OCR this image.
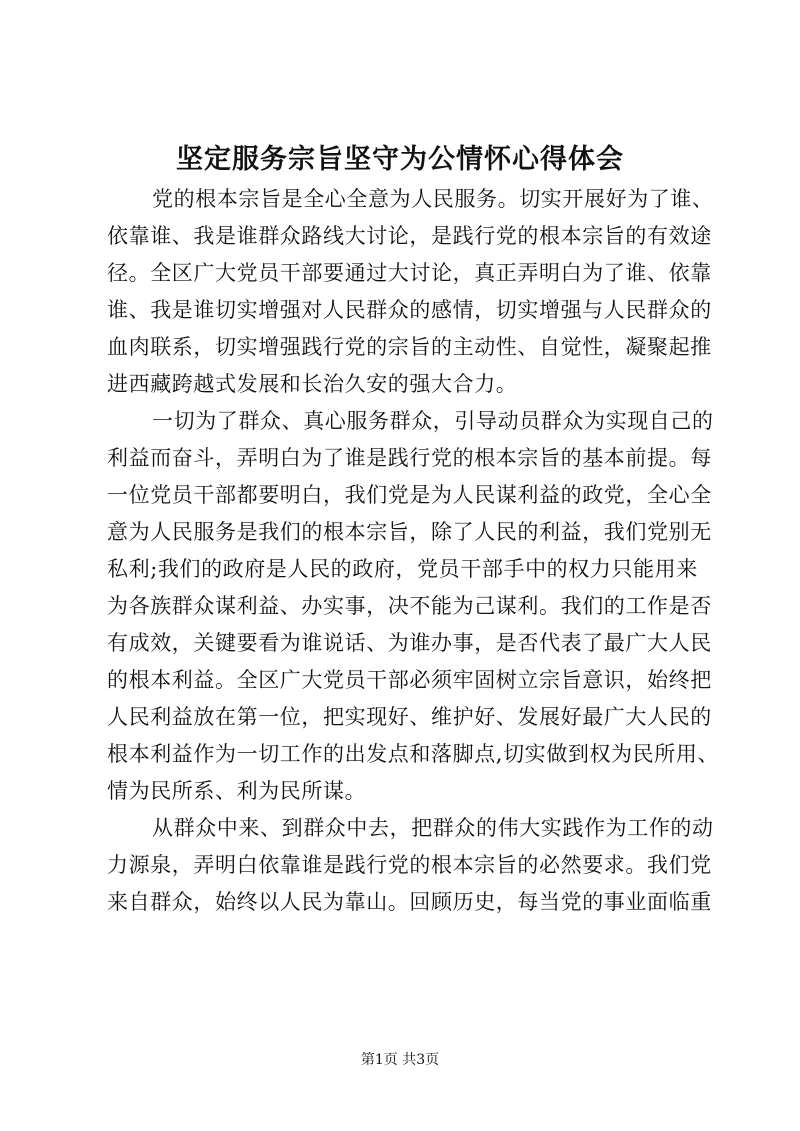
坚定服务宗旨坚守为公情怀心得体会
党的根本宗旨是全心全意为人民服务。切实开展好为了谁、
依靠谁、我是谁群众路线大讨论，是践行党的根本宗旨的有效途
径。全区广大党员干部要通过大讨论，真正弄明白为了谁、依靠
谁、我是谁切实增强对人民群众的感情，切实增强与人民群众的
血肉联系，切实增强践行党的宗旨的主动性、自觉性，凝聚起推
进西藏跨越式发展和长治久安的强大合力。
一切为了群众、真心服务群众，引导动员群众为实现自己的
利益而奋斗，弄明白为了谁是践行党的根本宗旨的基本前提。每
一位党员干部都要明白，我们党是为人民谋利益的政党，全心全
意为人民服务是我们的根本宗旨，除了人民的利益，我们党别无
私利;我们的政府是人民的政府，党员干部手中的权力只能用来
为各族群众谋利益、办实事，决不能为己谋利。我们的工作是否
有成效，关键要看为谁说话、为谁办事，是否代表了最广大人民
的根本利益。全区广大党员干部必须牢固树立宗旨意识，始终把
人民利益放在第一位，把实现好、维护好、发展好最广大人民的
根本利益作为一切工作的出发点和落脚点,切实做到权为民所用、
情为民所系、利为民所谋。
从群众中来、到群众中去，把群众的伟大实践作为工作的动
力源泉，弄明白依靠谁是践行党的根本宗旨的必然要求。我们党
来自群众，始终以人民为靠山。回顾历史，每当党的事业面临重
第1页 共3页
